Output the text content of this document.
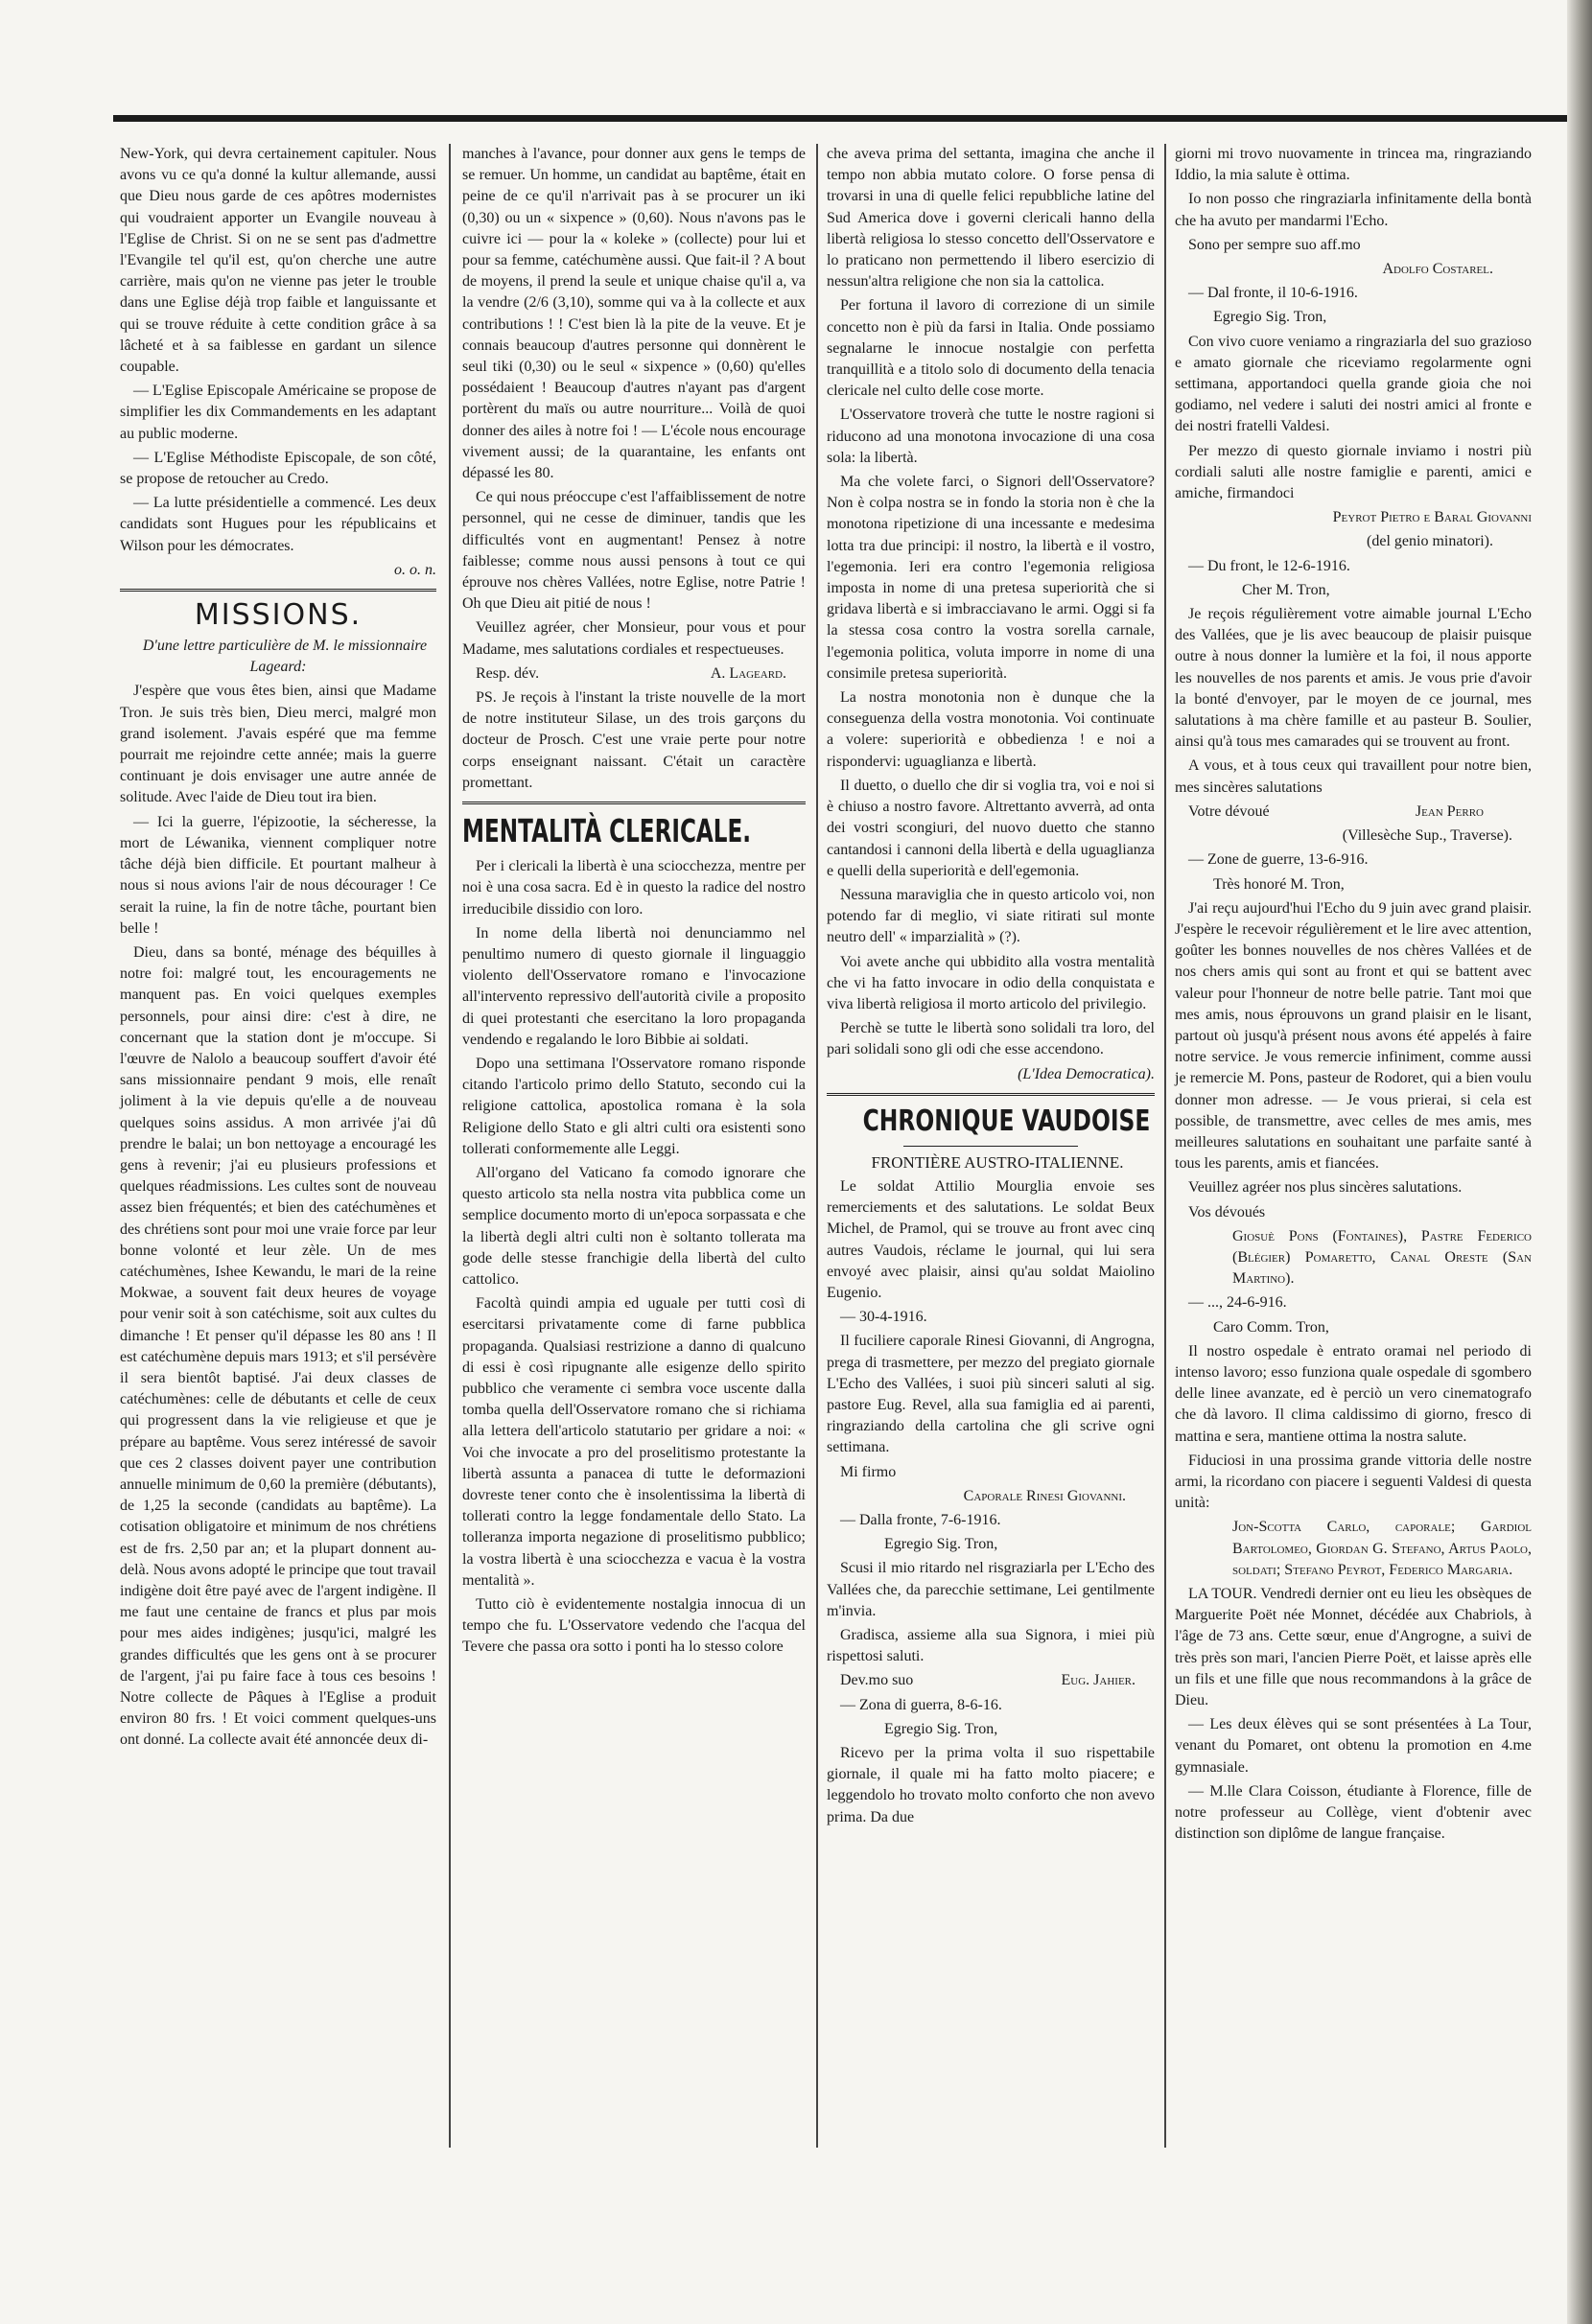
New-York, qui devra certainement capituler. Nous avons vu ce qu'a donné la kultur allemande, aussi que Dieu nous garde de ces apôtres modernistes qui voudraient apporter un Evangile nouveau à l'Eglise de Christ. Si on ne se sent pas d'admettre l'Evangile tel qu'il est, qu'on cherche une autre carrière, mais qu'on ne vienne pas jeter le trouble dans une Eglise déjà trop faible et languissante et qui se trouve réduite à cette condition grâce à sa lâcheté et à sa faiblesse en gardant un silence coupable.

— L'Eglise Episcopale Américaine se propose de simplifier les dix Commandements en les adaptant au public moderne.

— L'Eglise Méthodiste Episcopale, de son côté, se propose de retoucher au Credo.

— La lutte présidentielle a commencé. Les deux candidats sont Hugues pour les républicains et Wilson pour les démocrates.

o. o. n.

MISSIONS.

D'une lettre particulière de M. le missionnaire Lageard:

J'espère que vous êtes bien, ainsi que Madame Tron. Je suis très bien, Dieu merci, malgré mon grand isolement. J'avais espéré que ma femme pourrait me rejoindre cette année; mais la guerre continuant je dois envisager une autre année de solitude. Avec l'aide de Dieu tout ira bien.

— Ici la guerre, l'épizootie, la sécheresse, la mort de Léwanika, viennent compliquer notre tâche déjà bien difficile. Et pourtant malheur à nous si nous avions l'air de nous décourager ! Ce serait la ruine, la fin de notre tâche, pourtant bien belle !

Dieu, dans sa bonté, ménage des béquilles à notre foi: malgré tout, les encouragements ne manquent pas. En voici quelques exemples personnels, pour ainsi dire: c'est à dire, ne concernant que la station dont je m'occupe. Si l'œuvre de Nalolo a beaucoup souffert d'avoir été sans missionnaire pendant 9 mois, elle renaît joliment à la vie depuis qu'elle a de nouveau quelques soins assidus. A mon arrivée j'ai dû prendre le balai; un bon nettoyage a encouragé les gens à revenir; j'ai eu plusieurs professions et quelques réadmissions. Les cultes sont de nouveau assez bien fréquentés; et bien des catéchumènes et des chrétiens sont pour moi une vraie force par leur bonne volonté et leur zèle. Un de mes catéchumènes, Ishee Kewandu, le mari de la reine Mokwae, a souvent fait deux heures de voyage pour venir soit à son catéchisme, soit aux cultes du dimanche ! Et penser qu'il dépasse les 80 ans ! Il est catéchumène depuis mars 1913; et s'il persévère il sera bientôt baptisé. J'ai deux classes de catéchumènes: celle de débutants et celle de ceux qui progressent dans la vie religieuse et que je prépare au baptême. Vous serez intéressé de savoir que ces 2 classes doivent payer une contribution annuelle minimum de 0,60 la première (débutants), de 1,25 la seconde (candidats au baptême). La cotisation obligatoire et minimum de nos chrétiens est de frs. 2,50 par an; et la plupart donnent au-delà. Nous avons adopté le principe que tout travail indigène doit être payé avec de l'argent indigène. Il me faut une centaine de francs et plus par mois pour mes aides indigènes; jusqu'ici, malgré les grandes difficultés que les gens ont à se procurer de l'argent, j'ai pu faire face à tous ces besoins ! Notre collecte de Pâques à l'Eglise a produit environ 80 frs. ! Et voici comment quelques-uns ont donné. La collecte avait été annoncée deux di-

manches à l'avance, pour donner aux gens le temps de se remuer. Un homme, un candidat au baptême, était en peine de ce qu'il n'arrivait pas à se procurer un iki (0,30) ou un « sixpence » (0,60). Nous n'avons pas le cuivre ici — pour la « koleke » (collecte) pour lui et pour sa femme, catéchumène aussi. Que fait-il ? A bout de moyens, il prend la seule et unique chaise qu'il a, va la vendre (2/6 (3,10), somme qui va à la collecte et aux contributions ! ! C'est bien là la pite de la veuve. Et je connais beaucoup d'autres personne qui donnèrent le seul tiki (0,30) ou le seul « sixpence » (0,60) qu'elles possédaient ! Beaucoup d'autres n'ayant pas d'argent portèrent du maïs ou autre nourriture... Voilà de quoi donner des ailes à notre foi ! — L'école nous encourage vivement aussi; de la quarantaine, les enfants ont dépassé les 80.

Ce qui nous préoccupe c'est l'affaiblissement de notre personnel, qui ne cesse de diminuer, tandis que les difficultés vont en augmentant! Pensez à notre faiblesse; comme nous aussi pensons à tout ce qui éprouve nos chères Vallées, notre Eglise, notre Patrie ! Oh que Dieu ait pitié de nous !

Veuillez agréer, cher Monsieur, pour vous et pour Madame, mes salutations cordiales et respectueuses.

Resp. dév.	A. Lageard.

PS. Je reçois à l'instant la triste nouvelle de la mort de notre instituteur Silase, un des trois garçons du docteur de Prosch. C'est une vraie perte pour notre corps enseignant naissant. C'était un caractère promettant.

MENTALITÀ CLERICALE.

Per i clericali la libertà è una sciocchezza, mentre per noi è una cosa sacra. Ed è in questo la radice del nostro irreducibile dissidio con loro.

In nome della libertà noi denunciammo nel penultimo numero di questo giornale il linguaggio violento dell'Osservatore romano e l'invocazione all'intervento repressivo dell'autorità civile a proposito di quei protestanti che esercitano la loro propaganda vendendo e regalando le loro Bibbie ai soldati.

Dopo una settimana l'Osservatore romano risponde citando l'articolo primo dello Statuto, secondo cui la religione cattolica, apostolica romana è la sola Religione dello Stato e gli altri culti ora esistenti sono tollerati conformemente alle Leggi.

All'organo del Vaticano fa comodo ignorare che questo articolo sta nella nostra vita pubblica come un semplice documento morto di un'epoca sorpassata e che la libertà degli altri culti non è soltanto tollerata ma gode delle stesse franchigie della libertà del culto cattolico.

Facoltà quindi ampia ed uguale per tutti così di esercitarsi privatamente come di farne pubblica propaganda. Qualsiasi restrizione a danno di qualcuno di essi è così ripugnante alle esigenze dello spirito pubblico che veramente ci sembra voce uscente dalla tomba quella dell'Osservatore romano che si richiama alla lettera dell'articolo statutario per gridare a noi: « Voi che invocate a pro del proselitismo protestante la libertà assunta a panacea di tutte le deformazioni dovreste tener conto che è insolentissima la libertà di tollerati contro la legge fondamentale dello Stato. La tolleranza importa negazione di proselitismo pubblico; la vostra libertà è una sciocchezza e vacua è la vostra mentalità ».

Tutto ciò è evidentemente nostalgia innocua di un tempo che fu. L'Osservatore vedendo che l'acqua del Tevere che passa ora sotto i ponti ha lo stesso colore

che aveva prima del settanta, imagina che anche il tempo non abbia mutato colore. O forse pensa di trovarsi in una di quelle felici repubbliche latine del Sud America dove i governi clericali hanno della libertà religiosa lo stesso concetto dell'Osservatore e lo praticano non permettendo il libero esercizio di nessun'altra religione che non sia la cattolica.

Per fortuna il lavoro di correzione di un simile concetto non è più da farsi in Italia. Onde possiamo segnalarne le innocue nostalgie con perfetta tranquillità e a titolo solo di documento della tenacia clericale nel culto delle cose morte.

L'Osservatore troverà che tutte le nostre ragioni si riducono ad una monotona invocazione di una cosa sola: la libertà.

Ma che volete farci, o Signori dell'Osservatore? Non è colpa nostra se in fondo la storia non è che la monotona ripetizione di una incessante e medesima lotta tra due principi: il nostro, la libertà e il vostro, l'egemonia. Ieri era contro l'egemonia religiosa imposta in nome di una pretesa superiorità che si gridava libertà e si imbracciavano le armi. Oggi si fa la stessa cosa contro la vostra sorella carnale, l'egemonia politica, voluta imporre in nome di una consimile pretesa superiorità.

La nostra monotonia non è dunque che la conseguenza della vostra monotonia. Voi continuate a volere: superiorità e obbedienza ! e noi a rispondervi: uguaglianza e libertà.

Il duetto, o duello che dir si voglia tra, voi e noi si è chiuso a nostro favore. Altrettanto avverrà, ad onta dei vostri scongiuri, del nuovo duetto che stanno cantandosi i cannoni della libertà e della uguaglianza e quelli della superiorità e dell'egemonia.

Nessuna maraviglia che in questo articolo voi, non potendo far di meglio, vi siate ritirati sul monte neutro dell' « imparzialità » (?).

Voi avete anche qui ubbidito alla vostra mentalità che vi ha fatto invocare in odio della conquistata e viva libertà religiosa il morto articolo del privilegio.

Perchè se tutte le libertà sono solidali tra loro, del pari solidali sono gli odi che esse accendono.

(L'Idea Democratica).

CHRONIQUE VAUDOISE

FRONTIÈRE AUSTRO-ITALIENNE.

Le soldat Attilio Mourglia envoie ses remerciements et des salutations. Le soldat Beux Michel, de Pramol, qui se trouve au front avec cinq autres Vaudois, réclame le journal, qui lui sera envoyé avec plaisir, ainsi qu'au soldat Maiolino Eugenio.

— 30-4-1916.

Il fuciliere caporale Rinesi Giovanni, di Angrogna, prega di trasmettere, per mezzo del pregiato giornale L'Echo des Vallées, i suoi più sinceri saluti al sig. pastore Eug. Revel, alla sua famiglia ed ai parenti, ringraziando della cartolina che gli scrive ogni settimana.

Mi firmo

Caporale Rinesi Giovanni.

— Dalla fronte, 7-6-1916.

Egregio Sig. Tron,

Scusi il mio ritardo nel risgraziarla per L'Echo des Vallées che, da parecchie settimane, Lei gentilmente m'invia.

Gradisca, assieme alla sua Signora, i miei più rispettosi saluti.

Dev.mo suo	Eug. Jahier.

— Zona di guerra, 8-6-16.

Egregio Sig. Tron,

Ricevo per la prima volta il suo rispettabile giornale, il quale mi ha fatto molto piacere; e leggendolo ho trovato molto conforto che non avevo prima. Da due

giorni mi trovo nuovamente in trincea ma, ringraziando Iddio, la mia salute è ottima.

Io non posso che ringraziarla infinitamente della bontà che ha avuto per mandarmi l'Echo.

Sono per sempre suo aff.mo

Adolfo Costarel.

— Dal fronte, il 10-6-1916.

Egregio Sig. Tron,

Con vivo cuore veniamo a ringraziarla del suo grazioso e amato giornale che riceviamo regolarmente ogni settimana, apportandoci quella grande gioia che noi godiamo, nel vedere i saluti dei nostri amici al fronte e dei nostri fratelli Valdesi.

Per mezzo di questo giornale inviamo i nostri più cordiali saluti alle nostre famiglie e parenti, amici e amiche, firmandoci

Peyrot Pietro e Baral Giovanni

(del genio minatori).

— Du front, le 12-6-1916.

Cher M. Tron,

Je reçois régulièrement votre aimable journal L'Echo des Vallées, que je lis avec beaucoup de plaisir puisque outre à nous donner la lumière et la foi, il nous apporte les nouvelles de nos parents et amis. Je vous prie d'avoir la bonté d'envoyer, par le moyen de ce journal, mes salutations à ma chère famille et au pasteur B. Soulier, ainsi qu'à tous mes camarades qui se trouvent au front.

A vous, et à tous ceux qui travaillent pour notre bien, mes sincères salutations

Votre dévoué	Jean Perro

(Villesèche Sup., Traverse).

— Zone de guerre, 13-6-916.

Très honoré M. Tron,

J'ai reçu aujourd'hui l'Echo du 9 juin avec grand plaisir. J'espère le recevoir régulièrement et le lire avec attention, goûter les bonnes nouvelles de nos chères Vallées et de nos chers amis qui sont au front et qui se battent avec valeur pour l'honneur de notre belle patrie. Tant moi que mes amis, nous éprouvons un grand plaisir en le lisant, partout où jusqu'à présent nous avons été appelés à faire notre service. Je vous remercie infiniment, comme aussi je remercie M. Pons, pasteur de Rodoret, qui a bien voulu donner mon adresse. — Je vous prierai, si cela est possible, de transmettre, avec celles de mes amis, mes meilleures salutations en souhaitant une parfaite santé à tous les parents, amis et fiancées.

Veuillez agréer nos plus sincères salutations.

Vos dévoués

Giosuè Pons (Fontaines), Pastre Federico (Blégier) Pomaretto, Canal Oreste (San Martino).

— ..., 24-6-916.

Caro Comm. Tron,

Il nostro ospedale è entrato oramai nel periodo di intenso lavoro; esso funziona quale ospedale di sgombero delle linee avanzate, ed è perciò un vero cinematografo che dà lavoro. Il clima caldissimo di giorno, fresco di mattina e sera, mantiene ottima la nostra salute.

Fiduciosi in una prossima grande vittoria delle nostre armi, la ricordano con piacere i seguenti Valdesi di questa unità:

Jon-Scotta Carlo, caporale; Gardiol Bartolomeo, Giordan G. Stefano, Artus Paolo, soldati; Stefano Peyrot, Federico Margaria.

LA TOUR. Vendredi dernier ont eu lieu les obsèques de Marguerite Poët née Monnet, décédée aux Chabriols, à l'âge de 73 ans. Cette sœur, enue d'Angrogne, a suivi de très près son mari, l'ancien Pierre Poët, et laisse après elle un fils et une fille que nous recommandons à la grâce de Dieu.

— Les deux élèves qui se sont présentées à La Tour, venant du Pomaret, ont obtenu la promotion en 4.me gymnasiale.

— M.lle Clara Coisson, étudiante à Florence, fille de notre professeur au Collège, vient d'obtenir avec distinction son diplôme de langue française.
